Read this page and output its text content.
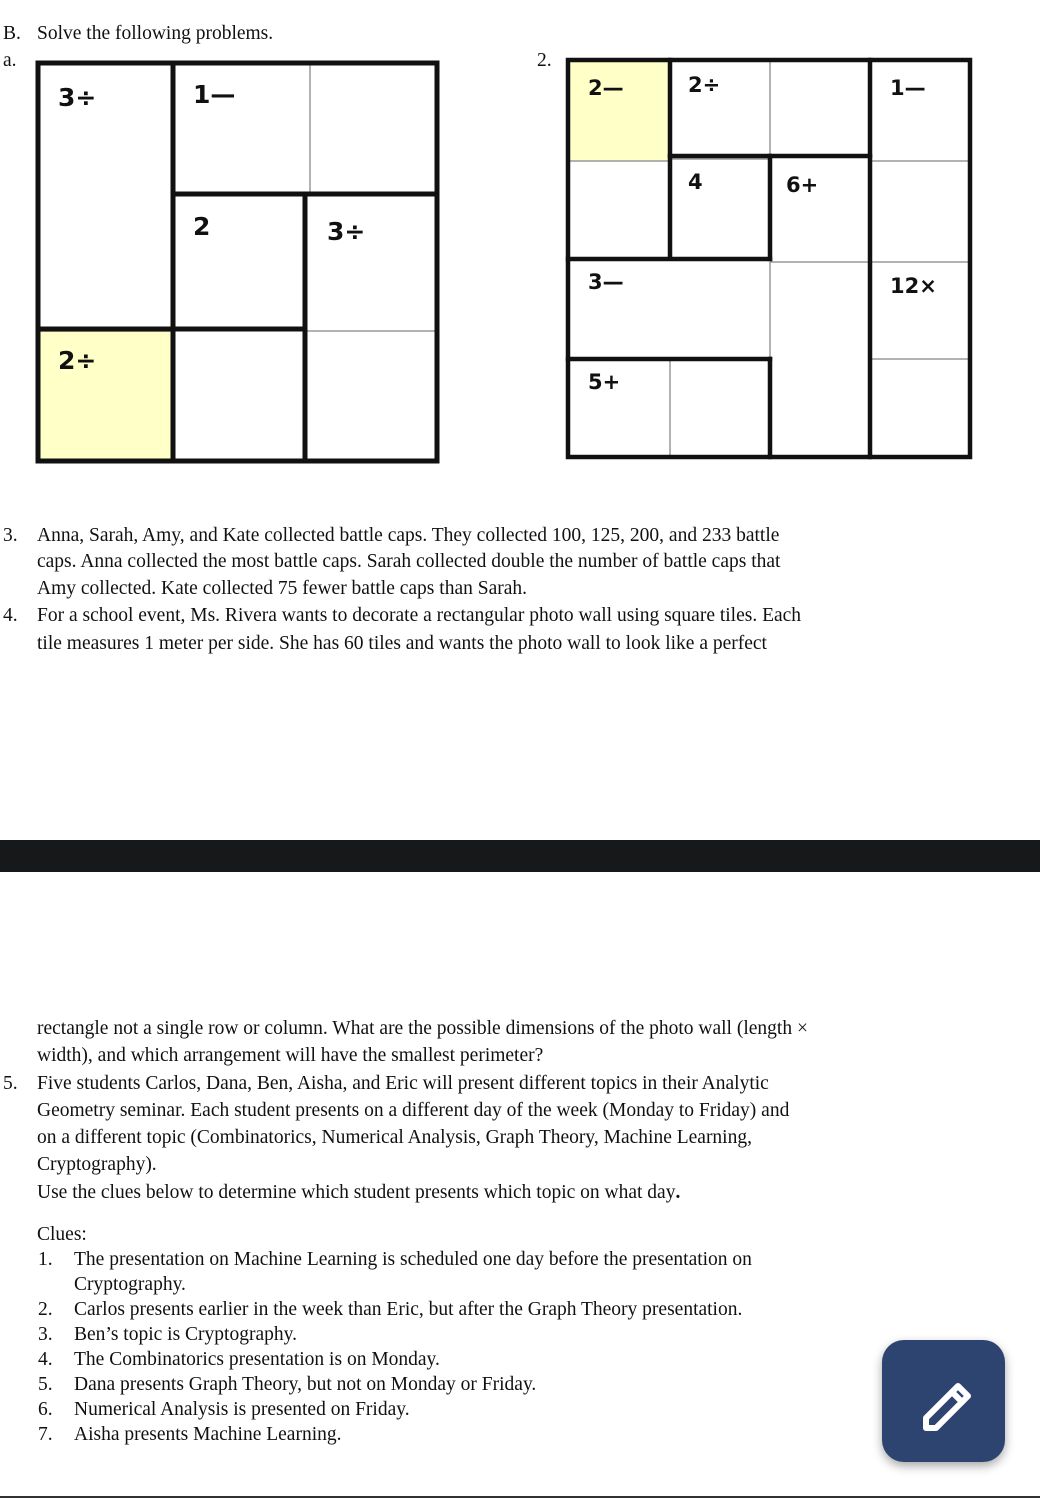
B. Solve the following problems.
a.
3÷	1—
2	3÷
2÷
2.
2—	2÷	1—
4	6+
3—	12×
5+
3. Anna, Sarah, Amy, and Kate collected battle caps. They collected 100, 125, 200, and 233 battle
caps. Anna collected the most battle caps. Sarah collected double the number of battle caps that
Amy collected. Kate collected 75 fewer battle caps than Sarah.
4. For a school event, Ms. Rivera wants to decorate a rectangular photo wall using square tiles. Each
tile measures 1 meter per side. She has 60 tiles and wants the photo wall to look like a perfect
rectangle not a single row or column. What are the possible dimensions of the photo wall (length ×
width), and which arrangement will have the smallest perimeter?
5. Five students Carlos, Dana, Ben, Aisha, and Eric will present different topics in their Analytic
Geometry seminar. Each student presents on a different day of the week (Monday to Friday) and
on a different topic (Combinatorics, Numerical Analysis, Graph Theory, Machine Learning,
Cryptography).
Use the clues below to determine which student presents which topic on what day.
Clues:
1. The presentation on Machine Learning is scheduled one day before the presentation on
Cryptography.
2. Carlos presents earlier in the week than Eric, but after the Graph Theory presentation.
3. Ben’s topic is Cryptography.
4. The Combinatorics presentation is on Monday.
5. Dana presents Graph Theory, but not on Monday or Friday.
6. Numerical Analysis is presented on Friday.
7. Aisha presents Machine Learning.
